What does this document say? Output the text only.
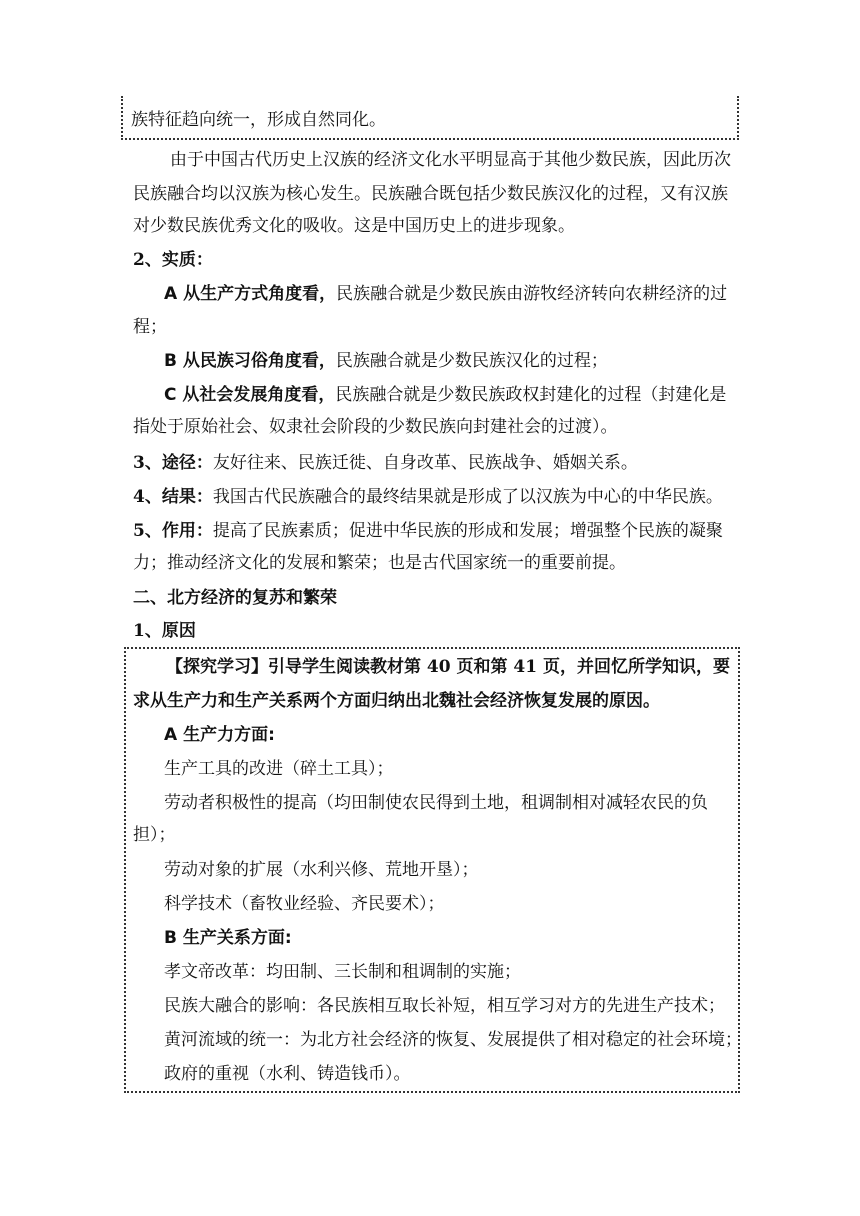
族特征趋向统一，形成自然同化。
由于中国古代历史上汉族的经济文化水平明显高于其他少数民族，因此历次
民族融合均以汉族为核心发生。民族融合既包括少数民族汉化的过程，又有汉族
对少数民族优秀文化的吸收。这是中国历史上的进步现象。
2、实质：
A 从生产方式角度看，民族融合就是少数民族由游牧经济转向农耕经济的过
程；
B 从民族习俗角度看，民族融合就是少数民族汉化的过程；
C 从社会发展角度看，民族融合就是少数民族政权封建化的过程（封建化是
指处于原始社会、奴隶社会阶段的少数民族向封建社会的过渡）。
3、途径：友好往来、民族迁徙、自身改革、民族战争、婚姻关系。
4、结果：我国古代民族融合的最终结果就是形成了以汉族为中心的中华民族。
5、作用：提高了民族素质；促进中华民族的形成和发展；增强整个民族的凝聚
力；推动经济文化的发展和繁荣；也是古代国家统一的重要前提。
二、北方经济的复苏和繁荣
1、原因
【探究学习】引导学生阅读教材第 40 页和第 41 页，并回忆所学知识，要
求从生产力和生产关系两个方面归纳出北魏社会经济恢复发展的原因。
A 生产力方面:
生产工具的改进（碎土工具）；
劳动者积极性的提高（均田制使农民得到土地，租调制相对减轻农民的负
担）；
劳动对象的扩展（水利兴修、荒地开垦）；
科学技术（畜牧业经验、齐民要术）；
B 生产关系方面:
孝文帝改革：均田制、三长制和租调制的实施；
民族大融合的影响：各民族相互取长补短，相互学习对方的先进生产技术；
黄河流域的统一：为北方社会经济的恢复、发展提供了相对稳定的社会环境；
政府的重视（水利、铸造钱币）。
